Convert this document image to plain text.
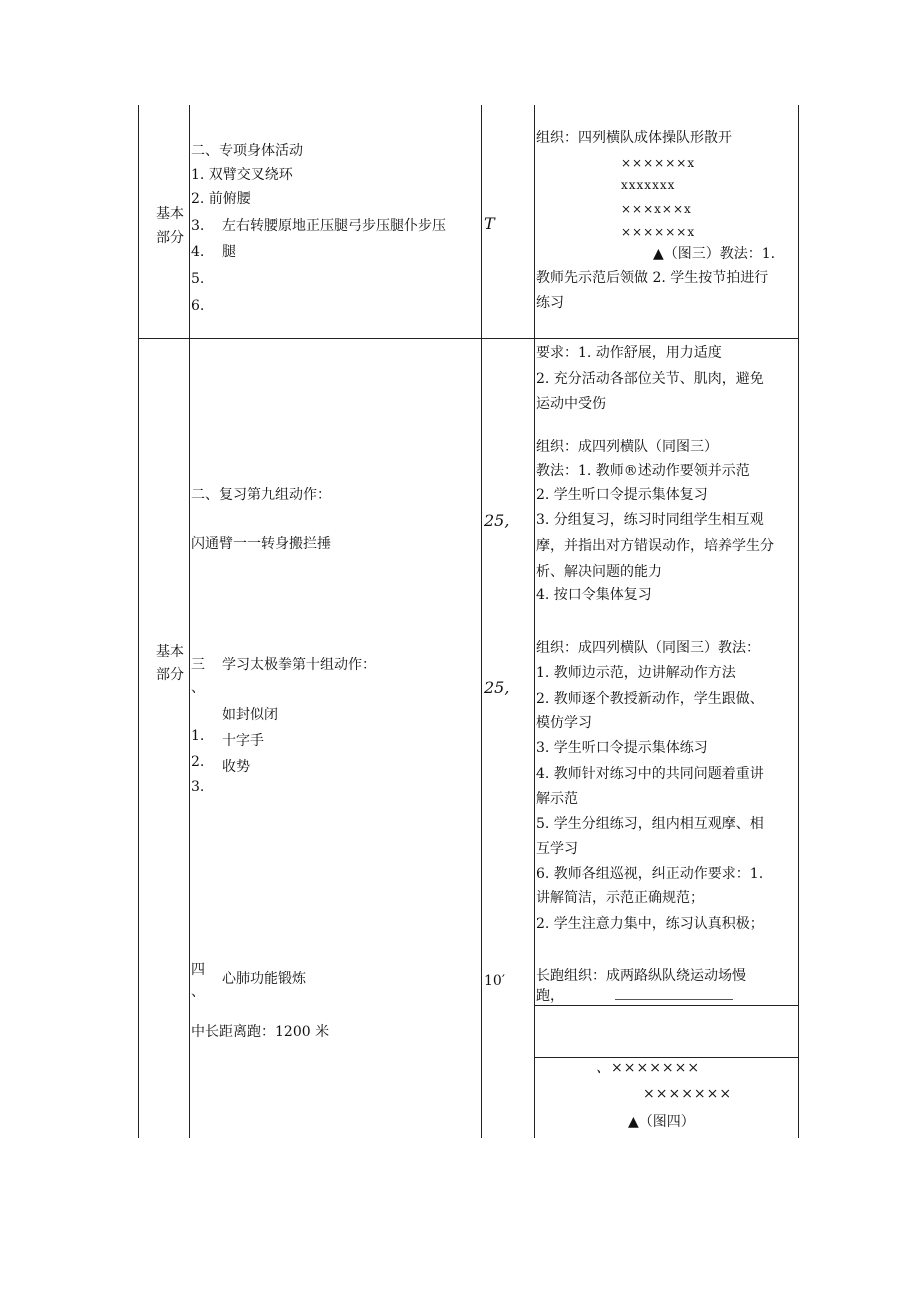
基本
部分
二、专项身体活动
1. 双臂交叉绕环
2. 前俯腰
3.
4.
5.
6.
左右转腰原地正压腿弓步压腿仆步压
腿
T
组织：四列横队成体操队形散开
××××××x
xxxxxxx
×××x××x
××××××x
▲（图三）教法：1.
教师先示范后领做 2. 学生按节拍进行
练习
基本
部分
二、复习第九组动作：
闪通臂一一转身搬拦捶
三
、
学习太极拳第十组动作：
如封似闭
1. 十字手
2. 收势
3.
四
、
心肺功能锻炼
中长距离跑：1200 米
25,
25,
10′
要求：1. 动作舒展，用力适度
2. 充分活动各部位关节、肌肉，避免
运动中受伤
组织：成四列横队（同图三）
教法：1. 教师®述动作要领并示范
2. 学生听口令提示集体复习
3. 分组复习，练习时同组学生相互观
摩，并指出对方错误动作，培养学生分
析、解决问题的能力
4. 按口令集体复习
组织：成四列横队（同图三）教法：
1. 教师边示范，边讲解动作方法
2. 教师逐个教授新动作，学生跟做、
模仿学习
3. 学生听口令提示集体练习
4. 教师针对练习中的共同问题着重讲
解示范
5. 学生分组练习，组内相互观摩、相
互学习
6. 教师各组巡视，纠正动作要求：1.
讲解简洁，示范正确规范；
2. 学生注意力集中，练习认真积极；
长跑组织：成两路纵队绕运动场慢
跑，
、×××××××
×××××××
▲（图四）
